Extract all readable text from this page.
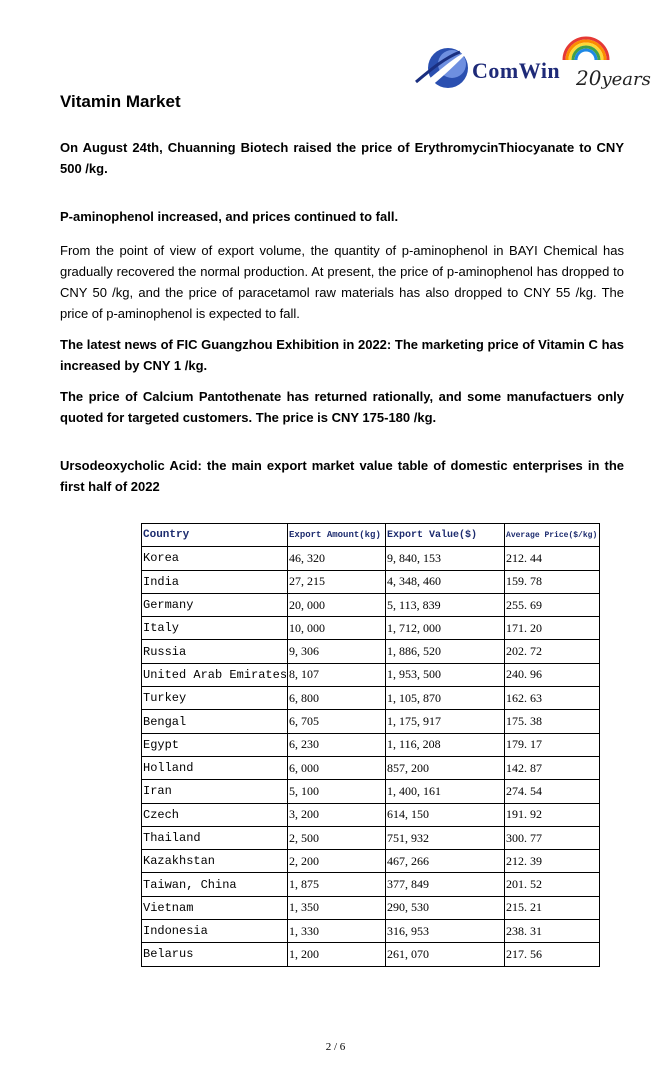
ComWin 20years
Vitamin Market
On August 24th, Chuanning Biotech raised the price of ErythromycinThiocyanate to CNY 500 /kg.
P-aminophenol increased, and prices continued to fall.
From the point of view of export volume, the quantity of p-aminophenol in BAYI Chemical has gradually recovered the normal production. At present, the price of p-aminophenol has dropped to CNY 50 /kg, and the price of paracetamol raw materials has also dropped to CNY 55 /kg. The price of p-aminophenol is expected to fall.
The latest news of FIC Guangzhou Exhibition in 2022: The marketing price of Vitamin C has increased by CNY 1 /kg.
The price of Calcium Pantothenate has returned rationally, and some manufactuers only quoted for targeted customers. The price is CNY 175-180 /kg.
Ursodeoxycholic Acid: the main export market value table of domestic enterprises in the first half of 2022
Country	Export Amount(kg)	Export Value($)	Average Price($/kg)
Korea	46, 320	9, 840, 153	212. 44
India	27, 215	4, 348, 460	159. 78
Germany	20, 000	5, 113, 839	255. 69
Italy	10, 000	1, 712, 000	171. 20
Russia	9, 306	1, 886, 520	202. 72
United Arab Emirates	8, 107	1, 953, 500	240. 96
Turkey	6, 800	1, 105, 870	162. 63
Bengal	6, 705	1, 175, 917	175. 38
Egypt	6, 230	1, 116, 208	179. 17
Holland	6, 000	857, 200	142. 87
Iran	5, 100	1, 400, 161	274. 54
Czech	3, 200	614, 150	191. 92
Thailand	2, 500	751, 932	300. 77
Kazakhstan	2, 200	467, 266	212. 39
Taiwan, China	1, 875	377, 849	201. 52
Vietnam	1, 350	290, 530	215. 21
Indonesia	1, 330	316, 953	238. 31
Belarus	1, 200	261, 070	217. 56
2 / 6
